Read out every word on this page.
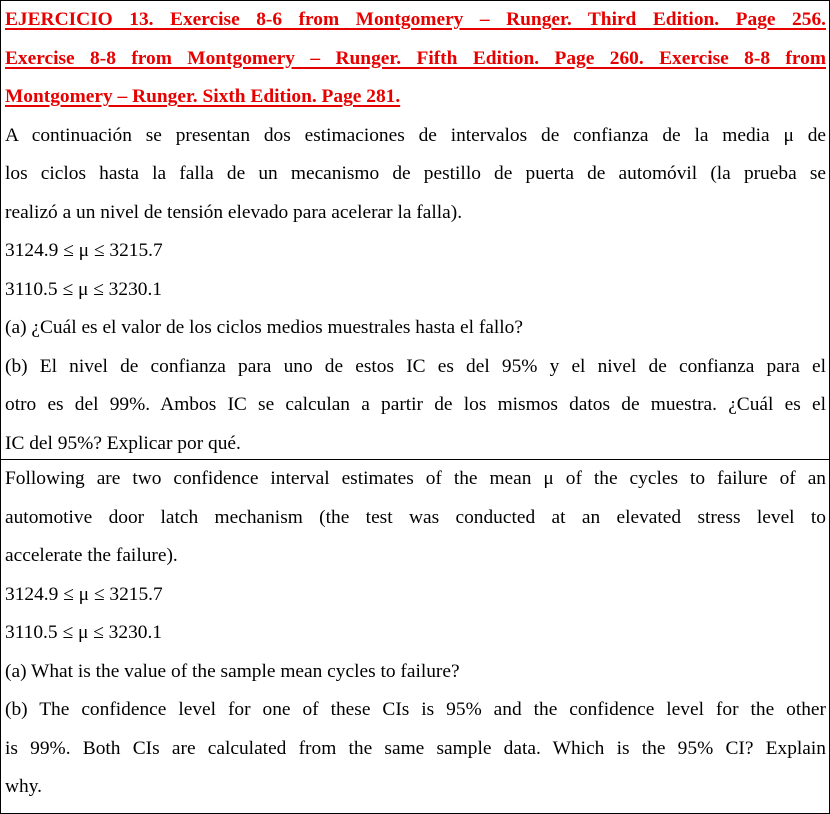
EJERCICIO 13. Exercise 8-6 from Montgomery – Runger. Third Edition. Page 256.
Exercise 8-8 from Montgomery – Runger. Fifth Edition. Page 260. Exercise 8-8 from
Montgomery – Runger. Sixth Edition. Page 281.
A continuación se presentan dos estimaciones de intervalos de confianza de la media μ de
los ciclos hasta la falla de un mecanismo de pestillo de puerta de automóvil (la prueba se
realizó a un nivel de tensión elevado para acelerar la falla).
3124.9 ≤ μ ≤ 3215.7
3110.5 ≤ μ ≤ 3230.1
(a) ¿Cuál es el valor de los ciclos medios muestrales hasta el fallo?
(b) El nivel de confianza para uno de estos IC es del 95% y el nivel de confianza para el
otro es del 99%. Ambos IC se calculan a partir de los mismos datos de muestra. ¿Cuál es el
IC del 95%? Explicar por qué.
Following are two confidence interval estimates of the mean μ of the cycles to failure of an
automotive door latch mechanism (the test was conducted at an elevated stress level to
accelerate the failure).
3124.9 ≤ μ ≤ 3215.7
3110.5 ≤ μ ≤ 3230.1
(a) What is the value of the sample mean cycles to failure?
(b) The confidence level for one of these CIs is 95% and the confidence level for the other
is 99%. Both CIs are calculated from the same sample data. Which is the 95% CI? Explain
why.
